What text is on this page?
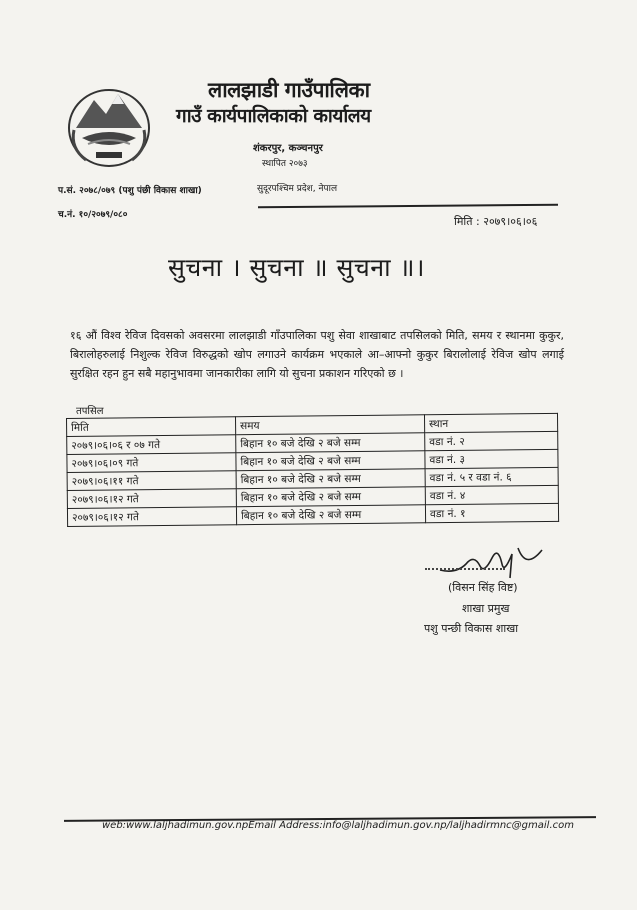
लालझाडी गाउँपालिका
गाउँ कार्यपालिकाको कार्यालय
शंकरपुर, कञ्चनपुर
स्थापित २०७३
सुदूरपश्चिम प्रदेश, नेपाल
प.सं. २०७८/०७९ (पशु पंछी विकास शाखा)
च.नं. १०/२०७९/०८०	मिति : २०७९।०६।०६
सुचना । सुचना ॥ सुचना ॥।
१६ औं विश्व रेविज दिवसको अवसरमा लालझाडी गाँउपालिका पशु सेवा शाखाबाट तपसिलको मिति, समय र स्थानमा कुकुर, बिरालोहरुलाई निशुल्क रेविज विरुद्धको खोप लगाउने कार्यक्रम भएकाले आ–आफ्नो कुकुर बिरालोलाई रेविज खोप लगाई सुरक्षित रहन हुन सबै महानुभावमा जानकारीका लागि यो सुचना प्रकाशन गरिएको छ ।
तपसिल
मिति	समय	स्थान
२०७९।०६।०६ र ०७ गते	बिहान १० बजे देखि २ बजे सम्म	वडा नं. २
२०७९।०६।०९ गते	बिहान १० बजे देखि २ बजे सम्म	वडा नं. ३
२०७९।०६।११ गते	बिहान १० बजे देखि २ बजे सम्म	वडा नं. ५ र वडा नं. ६
२०७९।०६।१२ गते	बिहान १० बजे देखि २ बजे सम्म	वडा नं. ४
२०७९।०६।१२ गते	बिहान १० बजे देखि २ बजे सम्म	वडा नं. १
(विसन सिंह विष्ट)
शाखा प्रमुख
पशु पन्छी विकास शाखा
web:www.laljhadimun.gov.npEmail Address:info@laljhadimun.gov.np/laljhadirmnc@gmail.com
